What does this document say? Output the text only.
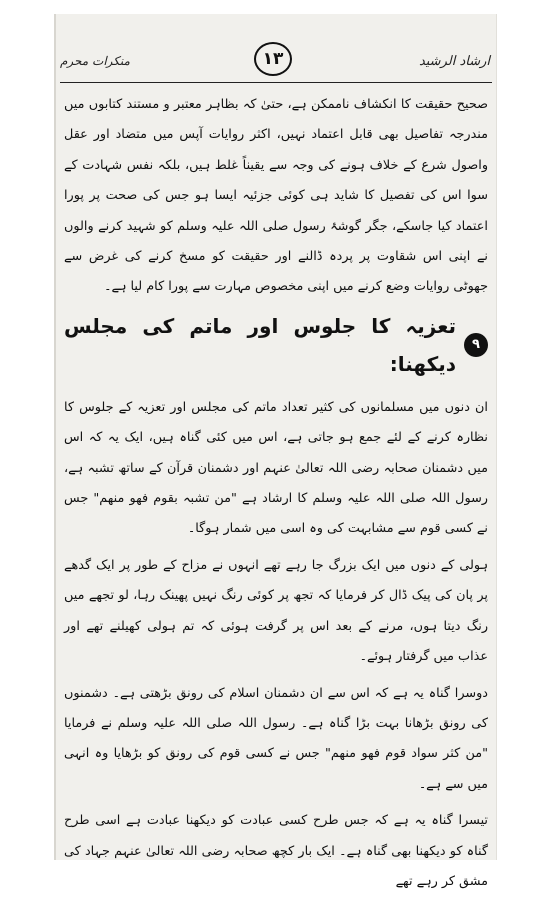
ارشاد الرشید
۱۳
منکرات محرم

صحیح حقیقت کا انکشاف ناممکن ہے، حتیٰ کہ بظاہر معتبر و مستند کتابوں میں مندرجہ تفاصیل بھی قابل اعتماد نہیں، اکثر روایات آپس میں متضاد اور عقل واصول شرع کے خلاف ہونے کی وجہ سے یقیناً غلط ہیں، بلکہ نفس شہادت کے سوا اس کی تفصیل کا شاید ہی کوئی جزئیہ ایسا ہو جس کی صحت پر پورا اعتماد کیا جاسکے، جگر گوشۂ رسول صلی اللہ علیہ وسلم کو شہید کرنے والوں نے اپنی اس شقاوت پر پردہ ڈالنے اور حقیقت کو مسخ کرنے کی غرض سے جھوٹی روایات وضع کرنے میں اپنی مخصوص مہارت سے پورا کام لیا ہے۔

۹
تعزیہ کا جلوس اور ماتم کی مجلس دیکھنا:

ان دنوں میں مسلمانوں کی کثیر تعداد ماتم کی مجلس اور تعزیہ کے جلوس کا نظارہ کرنے کے لئے جمع ہو جاتی ہے، اس میں کئی گناہ ہیں، ایک یہ کہ اس میں دشمنان صحابہ رضی اللہ تعالیٰ عنہم اور دشمنان قرآن کے ساتھ تشبہ ہے، رسول اللہ صلی اللہ علیہ وسلم کا ارشاد ہے "من تشبہ بقوم فھو منھم" جس نے کسی قوم سے مشابہت کی وہ اسی میں شمار ہوگا۔

ہولی کے دنوں میں ایک بزرگ جا رہے تھے انہوں نے مزاح کے طور پر ایک گدھے پر پان کی پیک ڈال کر فرمایا کہ تجھ پر کوئی رنگ نہیں پھینک رہا، لو تجھے میں رنگ دیتا ہوں، مرنے کے بعد اس پر گرفت ہوئی کہ تم ہولی کھیلنے تھے اور عذاب میں گرفتار ہوئے۔

دوسرا گناہ یہ ہے کہ اس سے ان دشمنان اسلام کی رونق بڑھتی ہے۔ دشمنوں کی رونق بڑھانا بہت بڑا گناہ ہے۔ رسول اللہ صلی اللہ علیہ وسلم نے فرمایا "من کثر سواد قوم فھو منھم" جس نے کسی قوم کی رونق کو بڑھایا وہ انہی میں سے ہے۔

تیسرا گناہ یہ ہے کہ جس طرح کسی عبادت کو دیکھنا عبادت ہے اسی طرح گناہ کو دیکھنا بھی گناہ ہے۔ ایک بار کچھ صحابہ رضی اللہ تعالیٰ عنہم جہاد کی مشق کر رہے تھے
